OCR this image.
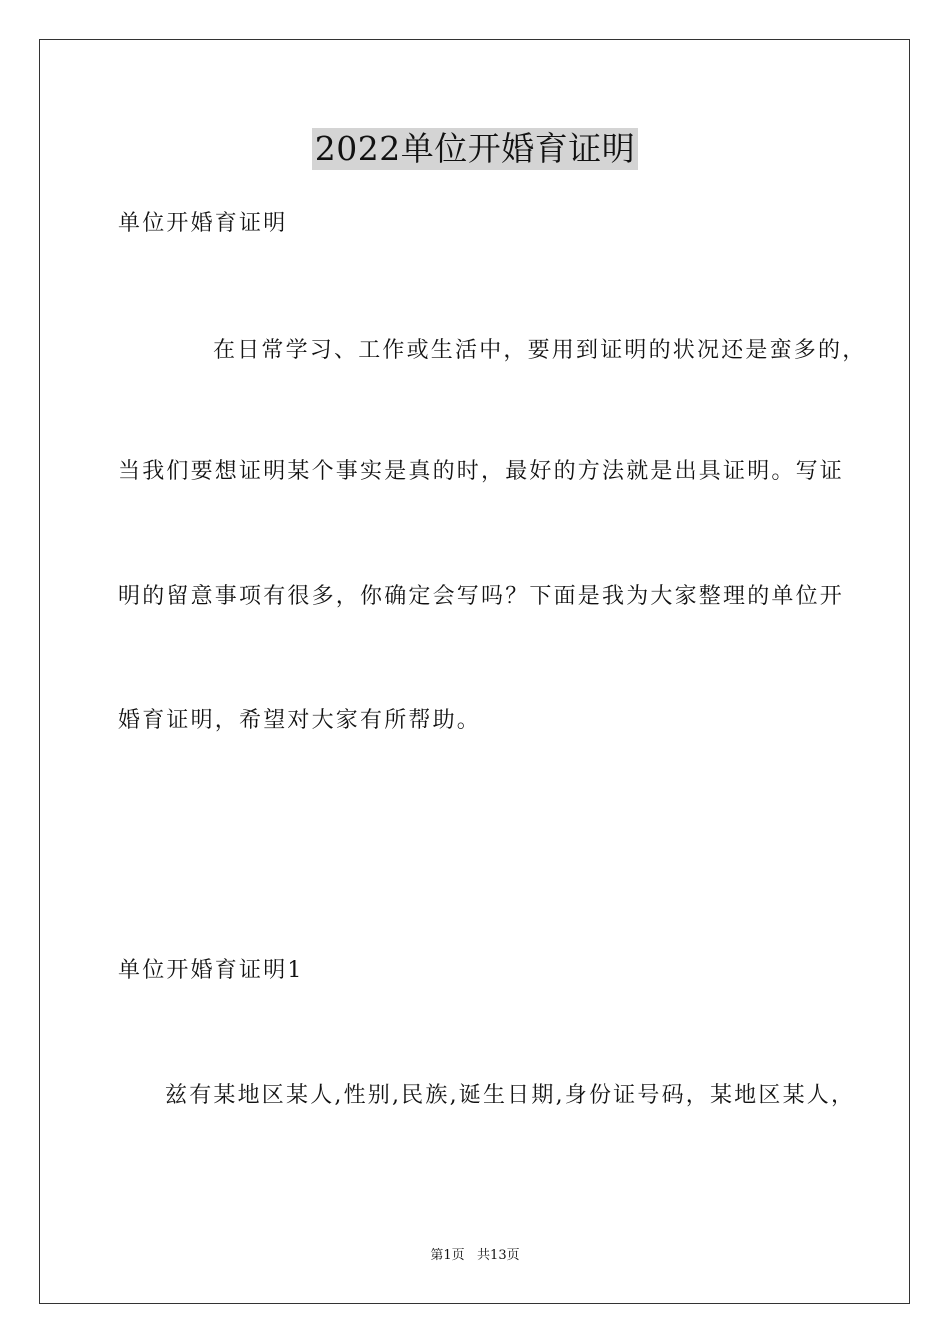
2022单位开婚育证明
单位开婚育证明
在日常学习、工作或生活中，要用到证明的状况还是蛮多的，
当我们要想证明某个事实是真的时，最好的方法就是出具证明。写证
明的留意事项有很多，你确定会写吗？下面是我为大家整理的单位开
婚育证明，希望对大家有所帮助。
单位开婚育证明1
兹有某地区某人,性别,民族,诞生日期,身份证号码，某地区某人，
第1页   共13页
